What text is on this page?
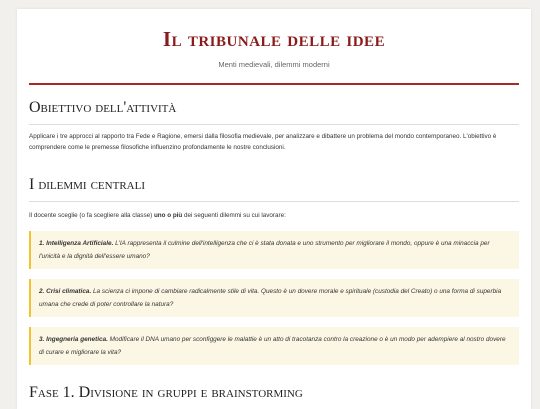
Il tribunale delle idee
Menti medievali, dilemmi moderni
Obiettivo dell'attività

Applicare i tre approcci al rapporto tra Fede e Ragione, emersi dalla filosofia medievale, per analizzare e dibattere un problema del mondo contemporaneo. L'obiettivo è comprendere come le premesse filosofiche influenzino profondamente le nostre conclusioni.

I dilemmi centrali

Il docente sceglie (o fa scegliere alla classe) uno o più dei seguenti dilemmi su cui lavorare:

1. Intelligenza Artificiale. L'IA rappresenta il culmine dell'intelligenza che ci è stata donata e uno strumento per migliorare il mondo, oppure è una minaccia per l'unicità e la dignità dell'essere umano?
2. Crisi climatica. La scienza ci impone di cambiare radicalmente stile di vita. Questo è un dovere morale e spirituale (custodia del Creato) o una forma di superbia umana che crede di poter controllare la natura?
3. Ingegneria genetica. Modificare il DNA umano per sconfiggere le malattie è un atto di tracotanza contro la creazione o è un modo per adempiere al nostro dovere di curare e migliorare la vita?
Fase 1. Divisione in gruppi e brainstorming
